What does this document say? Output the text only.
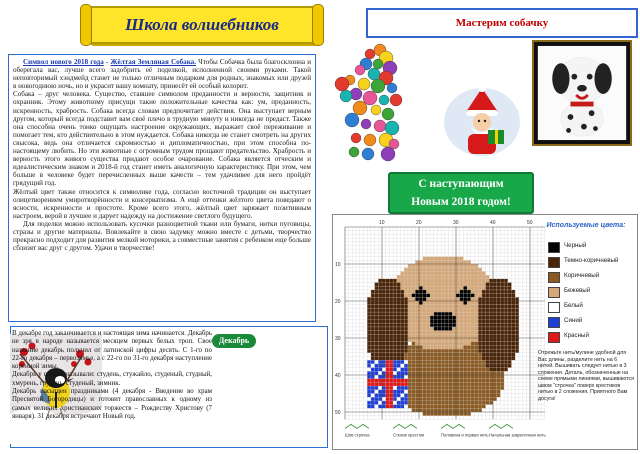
Школа волшебников	Мастерим собачку

Символ нового 2018 года - Жёлтая Земляная Собака. Чтобы Собачка была благосклонна и оберегала вас, лучше всего задобрить её поделкой, исполненной своими руками. Такой неповторимый хэндмейд станет не только отличным подарком для родных, знакомых или друзей в новогоднюю ночь, но и украсит вашу комнату, принесёт ей особый колорит.

Собака – друг человека. Существо, ставшее символом преданности и верности, защитник и охранник. Этому животному присущи такие положительные качества как: ум, преданность, искренность, храбрость. Собака всегда словам предпочитает действия. Она выступает верным другом, который всегда подставит вам своё плечо в трудную минуту и никогда не предаст. Также она способна очень тонко ощущать настроение окружающих, выражает своё переживание и помогает тем, кто действительно в этом нуждается. Собака никогда не станет смотреть на других свысока, ведь она отличается скромностью и дипломатичностью, при этом способна по-настоящему любить. Но эти животные с огромным трудом прощают предательство. Храбрость и верность этого живого существа придают особое очарование. Собака является отческим и идеалистическим знаком и 2018-й год станет иметь аналогичную характеристику. При этом, чем больше в человеке будет перечисленных выше качеств – тем удачливее для него пройдёт грядущий год.

Жёлтый цвет также относится к символике года, согласно восточной традиции он выступает олицетворением умиротворённости и консерватизма. А ещё оттенки жёлтого цвета поведают о ясности, искренности и простоте. Кроме всего этого, жёлтый цвет заряжает позитивным настроем, верой в лучшее и дарует надежду на достижение светлого будущего.

Для поделки можно использовать кусочки разноцветной ткани или бумаги, нитки пуговицы, стразы и другие материалы. Вовлекайте в свою задумку можно вместе с детьми, творчество прекрасно подходит для развития мелкой моторики, а совместные занятия с ребенком еще больше сблизят вас друг с другом. Удачи в творчестве!

С наступающим
Новым 2018 годом!
Декабрь

В декабре год заканчивается и настоящая зима начинается. Декабрь не зря в народе называется месяцем первых белых троп. Свое название декабрь получил от латинской цифры десять. С 1-го по 22-го декабря – первозимье, а с 22-го по 31-го декабря наступление коренной зимы.

Декабрь у славян называли: студень, стужайло, студеный, студный, хмурень, грудень, студеный, зимник.

Декабрь насыщен праздниками (4 декабря - Введение во храм Пресвятой Богородицы) и готовит православных к одному из самых великих христианских торжеств – Рождеству Христову (7 января). 31 декабря встречают Новый год.

10
10
20
20
30
30
40
40
50
50
Шов строчка	Стежок крестом	Половина и первая нить Начальная закрепочная нить
Используемые цвета:
Черный
Темно-коричневый
Коричневый
Бежевый
Белый
Синий
Красный
Отрежьте нить/мулине удобной для Вас длины, разделите нить на 6 нитей. Вышивать следует нитью в 3 сложения. Деталь, обозначенные на схеме прямыми линиями, вышиваются швом "строчка" поверх крестиков нитью в 2 сложения. Приятного Вам досуга!
